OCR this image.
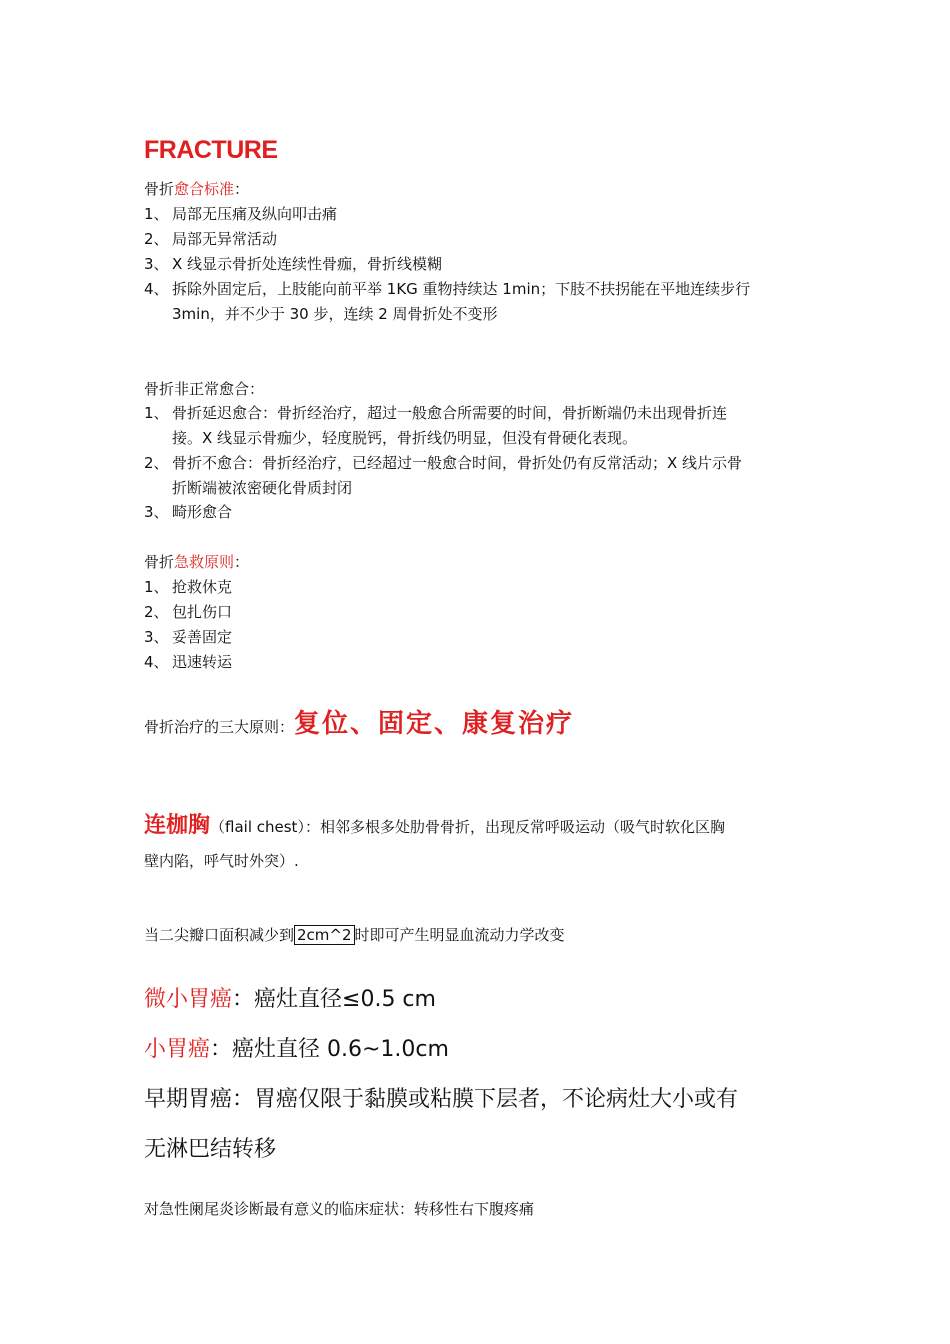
FRACTURE
骨折愈合标准：
1、 局部无压痛及纵向叩击痛
2、 局部无异常活动
3、 X 线显示骨折处连续性骨痂，骨折线模糊
4、 拆除外固定后，上肢能向前平举 1KG 重物持续达 1min；下肢不扶拐能在平地连续步行
3min，并不少于 30 步，连续 2 周骨折处不变形
骨折非正常愈合：
1、 骨折延迟愈合：骨折经治疗，超过一般愈合所需要的时间，骨折断端仍未出现骨折连
接。X 线显示骨痂少，轻度脱钙，骨折线仍明显，但没有骨硬化表现。
2、 骨折不愈合：骨折经治疗，已经超过一般愈合时间，骨折处仍有反常活动；X 线片示骨
折断端被浓密硬化骨质封闭
3、 畸形愈合
骨折急救原则：
1、 抢救休克
2、 包扎伤口
3、 妥善固定
4、 迅速转运
骨折治疗的三大原则：复位、固定、康复治疗
连枷胸（flail chest）：相邻多根多处肋骨骨折，出现反常呼吸运动（吸气时软化区胸
壁内陷，呼气时外突）.
当二尖瓣口面积减少到 2cm^2 时即可产生明显血流动力学改变
微小胃癌：癌灶直径≤0.5 cm
小胃癌：癌灶直径 0.6~1.0cm
早期胃癌：胃癌仅限于黏膜或粘膜下层者，不论病灶大小或有
无淋巴结转移
对急性阑尾炎诊断最有意义的临床症状：转移性右下腹疼痛
